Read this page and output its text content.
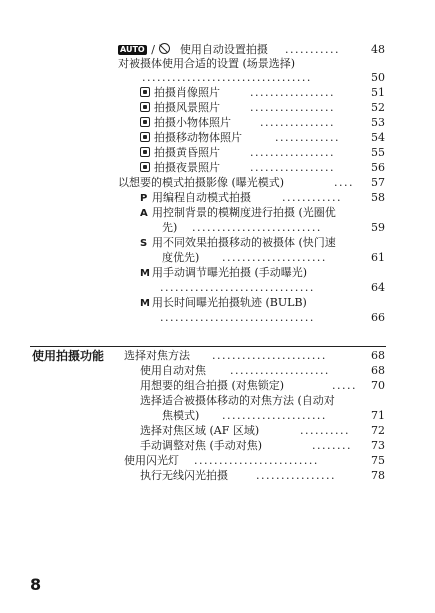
AUTO / 使用自动设置拍摄 ...........	48
对被摄体使用合适的设置 (场景选择)
..................................	50
拍摄肖像照片	.................	51
拍摄风景照片	.................	52
拍摄小物体照片	...............	53
拍摄移动物体照片	.............	54
拍摄黄昏照片	.................	55
拍摄夜景照片	.................	56
以想要的模式拍摄影像 (曝光模式)	....	57
P 用编程自动模式拍摄	............	58
A 用控制背景的模糊度进行拍摄 (光圈优
先) ..........................	59
S 用不同效果拍摄移动的被摄体 (快门速
度优先) .....................	61
M 用手动调节曝光拍摄 (手动曝光)
...............................	64
M 用长时间曝光拍摄轨迹 (BULB)
...............................	66
使用拍摄功能 选择对焦方法 .......................	68
使用自动对焦 ....................	68
用想要的组合拍摄 (对焦锁定)	.....	70
选择适合被摄体移动的对焦方法 (自动对
焦模式) .....................	71
选择对焦区域 (AF 区域)	..........	72
手动调整对焦 (手动对焦)	........	73
使用闪光灯 .........................	75
执行无线闪光拍摄	................	78
8
